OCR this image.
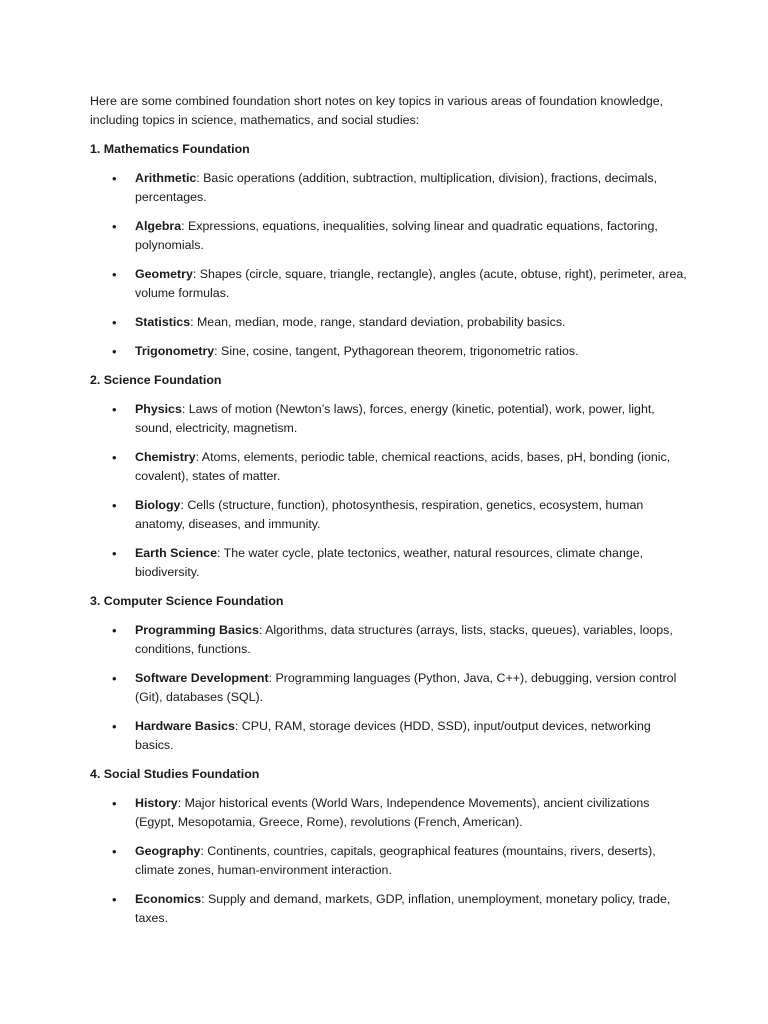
Here are some combined foundation short notes on key topics in various areas of foundation knowledge, including topics in science, mathematics, and social studies:

1. Mathematics Foundation
• Arithmetic: Basic operations (addition, subtraction, multiplication, division), fractions, decimals, percentages.
• Algebra: Expressions, equations, inequalities, solving linear and quadratic equations, factoring, polynomials.
• Geometry: Shapes (circle, square, triangle, rectangle), angles (acute, obtuse, right), perimeter, area, volume formulas.
• Statistics: Mean, median, mode, range, standard deviation, probability basics.
• Trigonometry: Sine, cosine, tangent, Pythagorean theorem, trigonometric ratios.
2. Science Foundation
• Physics: Laws of motion (Newton’s laws), forces, energy (kinetic, potential), work, power, light, sound, electricity, magnetism.
• Chemistry: Atoms, elements, periodic table, chemical reactions, acids, bases, pH, bonding (ionic, covalent), states of matter.
• Biology: Cells (structure, function), photosynthesis, respiration, genetics, ecosystem, human anatomy, diseases, and immunity.
• Earth Science: The water cycle, plate tectonics, weather, natural resources, climate change, biodiversity.
3. Computer Science Foundation
• Programming Basics: Algorithms, data structures (arrays, lists, stacks, queues), variables, loops, conditions, functions.
• Software Development: Programming languages (Python, Java, C++), debugging, version control (Git), databases (SQL).
• Hardware Basics: CPU, RAM, storage devices (HDD, SSD), input/output devices, networking basics.
4. Social Studies Foundation
• History: Major historical events (World Wars, Independence Movements), ancient civilizations (Egypt, Mesopotamia, Greece, Rome), revolutions (French, American).
• Geography: Continents, countries, capitals, geographical features (mountains, rivers, deserts), climate zones, human-environment interaction.
• Economics: Supply and demand, markets, GDP, inflation, unemployment, monetary policy, trade, taxes.
